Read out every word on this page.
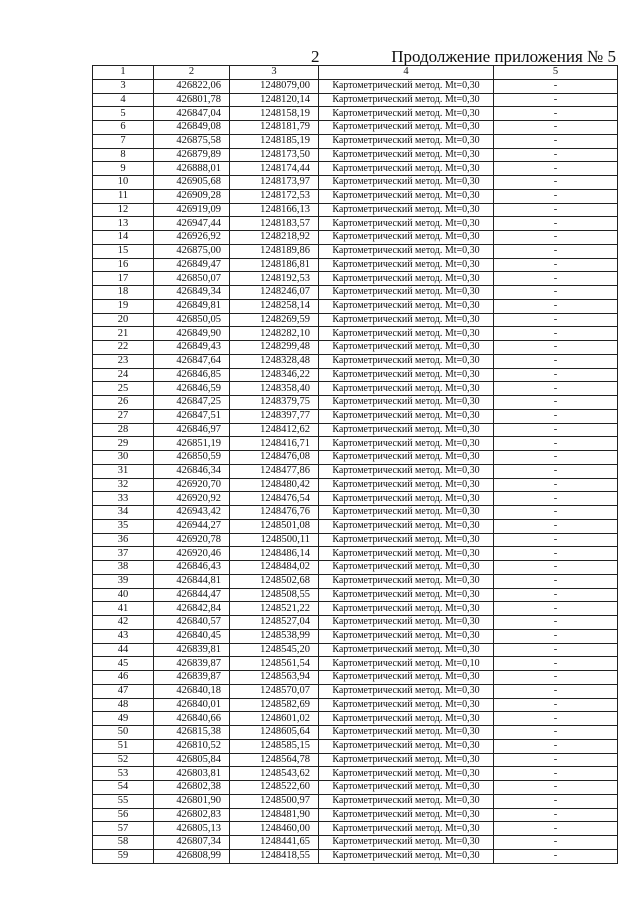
2	Продолжение приложения № 5
1	2	3	4	5
3	426822,06	1248079,00	Картометрический метод. Mt=0,30	-
4	426801,78	1248120,14	Картометрический метод. Mt=0,30	-
5	426847,04	1248158,19	Картометрический метод. Mt=0,30	-
6	426849,08	1248181,79	Картометрический метод. Mt=0,30	-
7	426875,58	1248185,19	Картометрический метод. Mt=0,30	-
8	426879,89	1248173,50	Картометрический метод. Mt=0,30	-
9	426888,01	1248174,44	Картометрический метод. Mt=0,30	-
10	426905,68	1248173,97	Картометрический метод. Mt=0,30	-
11	426909,28	1248172,53	Картометрический метод. Mt=0,30	-
12	426919,09	1248166,13	Картометрический метод. Mt=0,30	-
13	426947,44	1248183,57	Картометрический метод. Mt=0,30	-
14	426926,92	1248218,92	Картометрический метод. Mt=0,30	-
15	426875,00	1248189,86	Картометрический метод. Mt=0,30	-
16	426849,47	1248186,81	Картометрический метод. Mt=0,30	-
17	426850,07	1248192,53	Картометрический метод. Mt=0,30	-
18	426849,34	1248246,07	Картометрический метод. Mt=0,30	-
19	426849,81	1248258,14	Картометрический метод. Mt=0,30	-
20	426850,05	1248269,59	Картометрический метод. Mt=0,30	-
21	426849,90	1248282,10	Картометрический метод. Mt=0,30	-
22	426849,43	1248299,48	Картометрический метод. Mt=0,30	-
23	426847,64	1248328,48	Картометрический метод. Mt=0,30	-
24	426846,85	1248346,22	Картометрический метод. Mt=0,30	-
25	426846,59	1248358,40	Картометрический метод. Mt=0,30	-
26	426847,25	1248379,75	Картометрический метод. Mt=0,30	-
27	426847,51	1248397,77	Картометрический метод. Mt=0,30	-
28	426846,97	1248412,62	Картометрический метод. Mt=0,30	-
29	426851,19	1248416,71	Картометрический метод. Mt=0,30	-
30	426850,59	1248476,08	Картометрический метод. Mt=0,30	-
31	426846,34	1248477,86	Картометрический метод. Mt=0,30	-
32	426920,70	1248480,42	Картометрический метод. Mt=0,30	-
33	426920,92	1248476,54	Картометрический метод. Mt=0,30	-
34	426943,42	1248476,76	Картометрический метод. Mt=0,30	-
35	426944,27	1248501,08	Картометрический метод. Mt=0,30	-
36	426920,78	1248500,11	Картометрический метод. Mt=0,30	-
37	426920,46	1248486,14	Картометрический метод. Mt=0,30	-
38	426846,43	1248484,02	Картометрический метод. Mt=0,30	-
39	426844,81	1248502,68	Картометрический метод. Mt=0,30	-
40	426844,47	1248508,55	Картометрический метод. Mt=0,30	-
41	426842,84	1248521,22	Картометрический метод. Mt=0,30	-
42	426840,57	1248527,04	Картометрический метод. Mt=0,30	-
43	426840,45	1248538,99	Картометрический метод. Mt=0,30	-
44	426839,81	1248545,20	Картометрический метод. Mt=0,30	-
45	426839,87	1248561,54	Картометрический метод. Mt=0,10	-
46	426839,87	1248563,94	Картометрический метод. Mt=0,30	-
47	426840,18	1248570,07	Картометрический метод. Mt=0,30	-
48	426840,01	1248582,69	Картометрический метод. Mt=0,30	-
49	426840,66	1248601,02	Картометрический метод. Mt=0,30	-
50	426815,38	1248605,64	Картометрический метод. Mt=0,30	-
51	426810,52	1248585,15	Картометрический метод. Mt=0,30	-
52	426805,84	1248564,78	Картометрический метод. Mt=0,30	-
53	426803,81	1248543,62	Картометрический метод. Mt=0,30	-
54	426802,38	1248522,60	Картометрический метод. Mt=0,30	-
55	426801,90	1248500,97	Картометрический метод. Mt=0,30	-
56	426802,83	1248481,90	Картометрический метод. Mt=0,30	-
57	426805,13	1248460,00	Картометрический метод. Mt=0,30	-
58	426807,34	1248441,65	Картометрический метод. Mt=0,30	-
59	426808,99	1248418,55	Картометрический метод. Mt=0,30	-
